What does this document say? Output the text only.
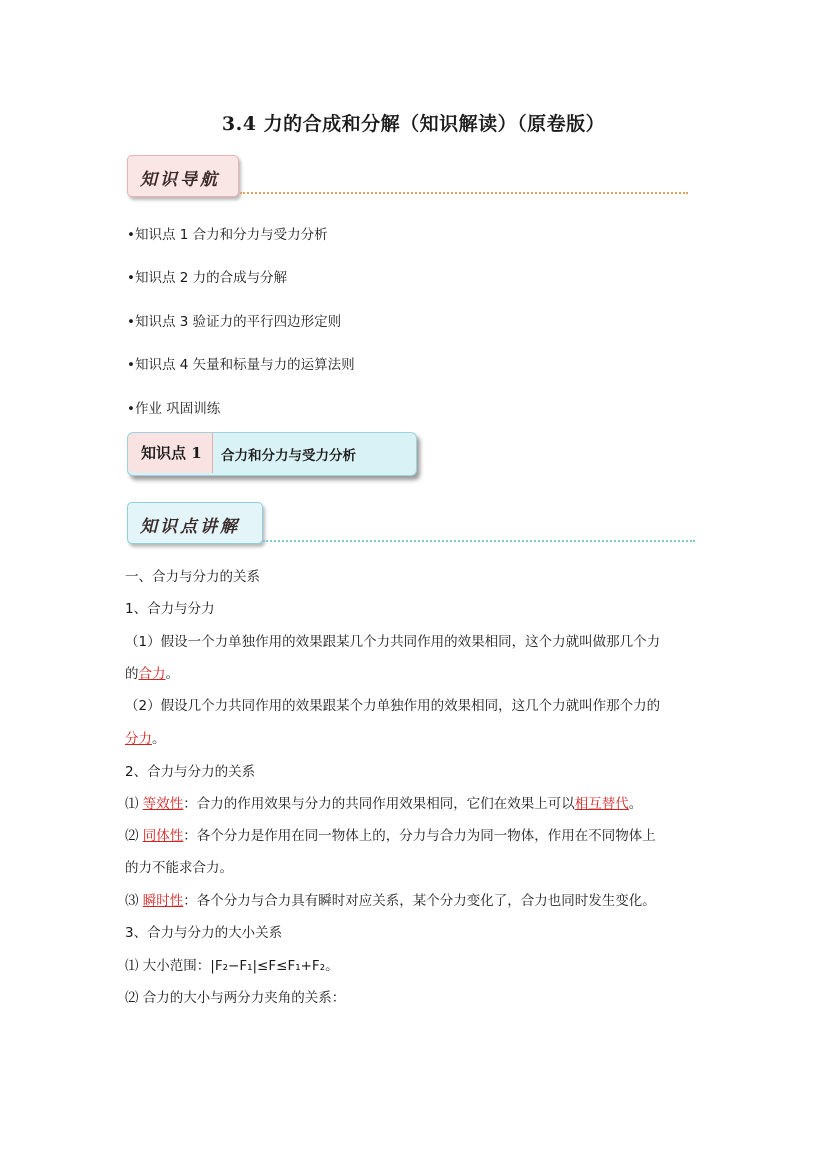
3.4 力的合成和分解（知识解读）（原卷版）
知识导航
•知识点 1 合力和分力与受力分析
•知识点 2 力的合成与分解
•知识点 3 验证力的平行四边形定则
•知识点 4 矢量和标量与力的运算法则
•作业 巩固训练
知识点 1 合力和分力与受力分析
知识点讲解
一、合力与分力的关系
1、合力与分力
（1）假设一个力单独作用的效果跟某几个力共同作用的效果相同，这个力就叫做那几个力
的合力。
（2）假设几个力共同作用的效果跟某个力单独作用的效果相同，这几个力就叫作那个力的
分力。
2、合力与分力的关系
⑴ 等效性：合力的作用效果与分力的共同作用效果相同，它们在效果上可以相互替代。
⑵ 同体性：各个分力是作用在同一物体上的，分力与合力为同一物体，作用在不同物体上
的力不能求合力。
⑶ 瞬时性：各个分力与合力具有瞬时对应关系，某个分力变化了，合力也同时发生变化。
3、合力与分力的大小关系
⑴ 大小范围：|F₂−F₁|≤F≤F₁+F₂。
⑵ 合力的大小与两分力夹角的关系：
